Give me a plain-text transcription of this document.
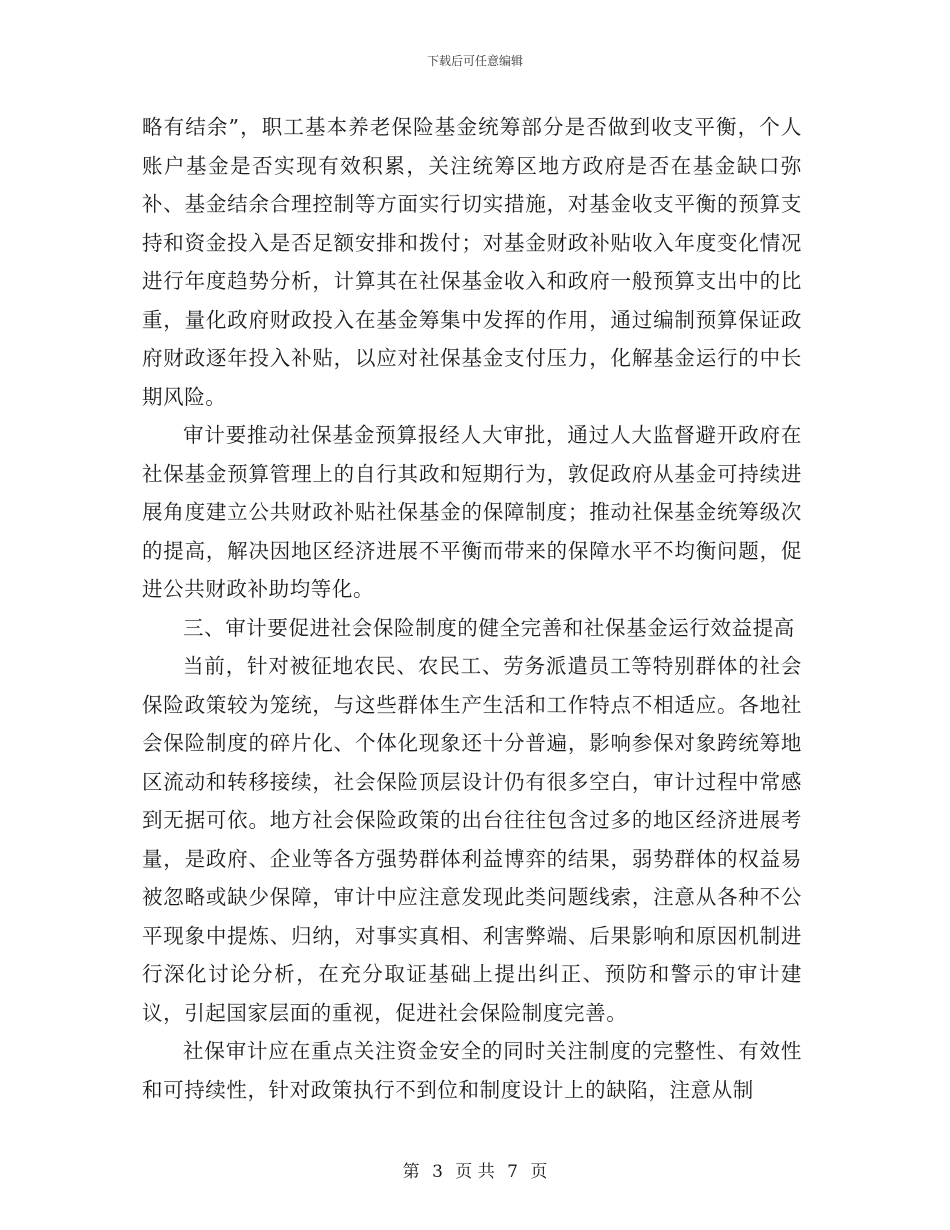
下载后可任意编辑

略有结余”，职工基本养老保险基金统筹部分是否做到收支平衡，个人账户基金是否实现有效积累，关注统筹区地方政府是否在基金缺口弥补、基金结余合理控制等方面实行切实措施，对基金收支平衡的预算支持和资金投入是否足额安排和拨付；对基金财政补贴收入年度变化情况进行年度趋势分析，计算其在社保基金收入和政府一般预算支出中的比重，量化政府财政投入在基金筹集中发挥的作用，通过编制预算保证政府财政逐年投入补贴，以应对社保基金支付压力，化解基金运行的中长期风险。

审计要推动社保基金预算报经人大审批，通过人大监督避开政府在社保基金预算管理上的自行其政和短期行为，敦促政府从基金可持续进展角度建立公共财政补贴社保基金的保障制度；推动社保基金统筹级次的提高，解决因地区经济进展不平衡而带来的保障水平不均衡问题，促进公共财政补助均等化。

三、审计要促进社会保险制度的健全完善和社保基金运行效益提高

当前，针对被征地农民、农民工、劳务派遣员工等特别群体的社会保险政策较为笼统，与这些群体生产生活和工作特点不相适应。各地社会保险制度的碎片化、个体化现象还十分普遍，影响参保对象跨统筹地区流动和转移接续，社会保险顶层设计仍有很多空白，审计过程中常感到无据可依。地方社会保险政策的出台往往包含过多的地区经济进展考量，是政府、企业等各方强势群体利益博弈的结果，弱势群体的权益易被忽略或缺少保障，审计中应注意发现此类问题线索，注意从各种不公平现象中提炼、归纳，对事实真相、利害弊端、后果影响和原因机制进行深化讨论分析，在充分取证基础上提出纠正、预防和警示的审计建议，引起国家层面的重视，促进社会保险制度完善。

社保审计应在重点关注资金安全的同时关注制度的完整性、有效性和可持续性，针对政策执行不到位和制度设计上的缺陷，注意从制

第 3 页 共 7 页
